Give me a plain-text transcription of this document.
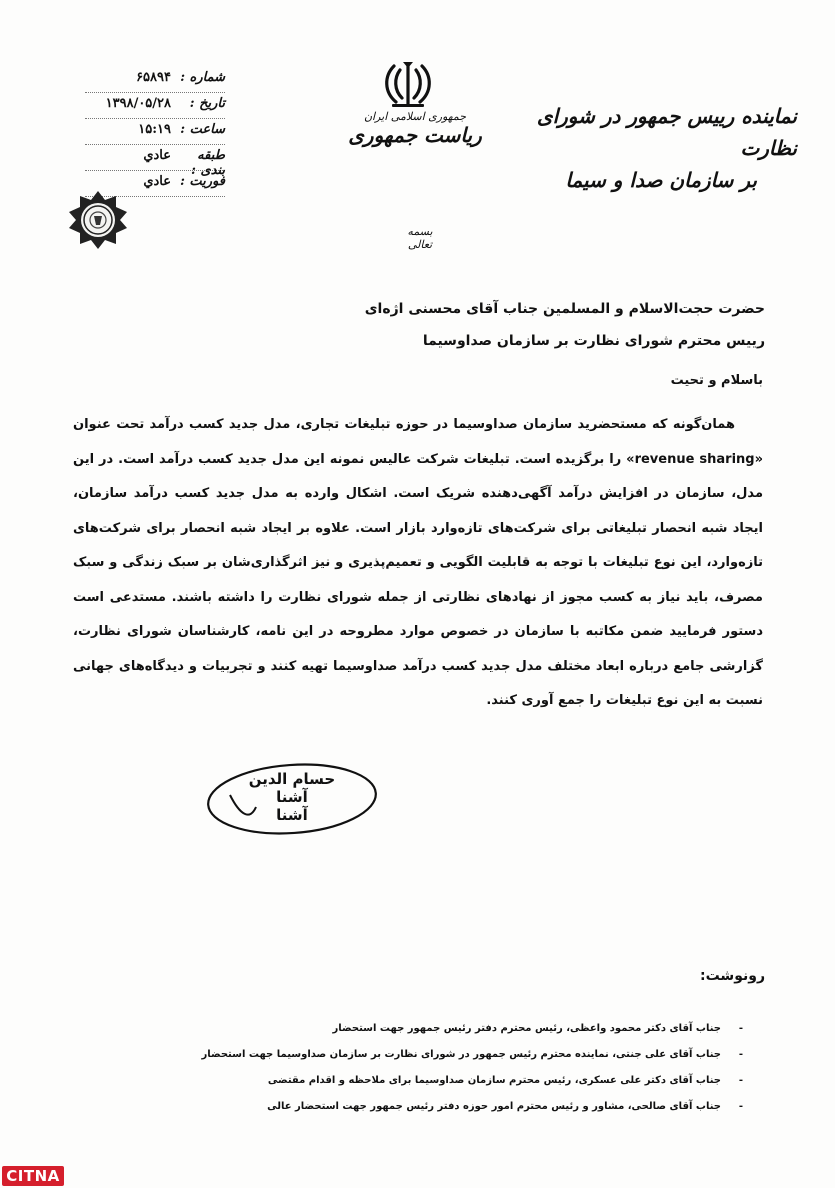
نماینده رییس جمهور در شورای نظارت
بر سازمان صدا و سیما
جمهوری اسلامی ایران
ریاست جمهوری
بسمه تعالی
شماره :
۶۵۸۹۴
تاریخ :
۱۳۹۸/۰۵/۲۸
ساعت :
۱۵:۱۹
طبقه بندی :
عادي
فوریت :
عادي
حضرت حجت‌الاسلام و المسلمین جناب آقای محسنی اژه‌ای
رییس محترم شورای نظارت بر سازمان صداوسیما
باسلام و تحیت

همان‌گونه که مستحضرید سازمان صداوسیما در حوزه تبلیغات تجاری، مدل جدید کسب درآمد تحت عنوان «revenue sharing» را برگزیده است. تبلیغات شرکت عالیس نمونه این مدل جدید کسب درآمد است. در این مدل، سازمان در افزایش درآمد آگهی‌دهنده شریک است. اشکال وارده به مدل جدید کسب درآمد سازمان، ایجاد شبه انحصار تبلیغاتی برای شرکت‌های تازه‌وارد بازار است. علاوه بر ایجاد شبه انحصار برای شرکت‌های تازه‌وارد، این نوع تبلیغات با توجه به قابلیت الگویی و تعمیم‌پذیری و نیز اثرگذاری‌شان بر سبک زندگی و سبک مصرف، باید نیاز به کسب مجوز از نهادهای نظارتی از جمله شورای نظارت را داشته باشند. مستدعی است دستور فرمایید ضمن مکاتبه با سازمان در خصوص موارد مطروحه در این نامه، کارشناسان شورای نظارت، گزارشی جامع درباره ابعاد مختلف مدل جدید کسب درآمد صداوسیما تهیه کنند و تجربیات و دیدگاه‌های جهانی نسبت به این نوع تبلیغات را جمع آوری کنند.

حسام الدین آشنا
آشنا
رونوشت:
- جناب آقای دکتر محمود واعظی، رئیس محترم دفتر رئیس جمهور جهت استحضار
- جناب آقای علی جنتی، نماینده محترم رئیس جمهور در شورای نظارت بر سازمان صداوسیما جهت استحضار
- جناب آقای دکتر علی عسکری، رئیس محترم سازمان صداوسیما برای ملاحظه و اقدام مقتضی
- جناب آقای صالحی، مشاور و رئیس محترم امور حوزه دفتر رئیس جمهور جهت استحضار عالی
CITNA
